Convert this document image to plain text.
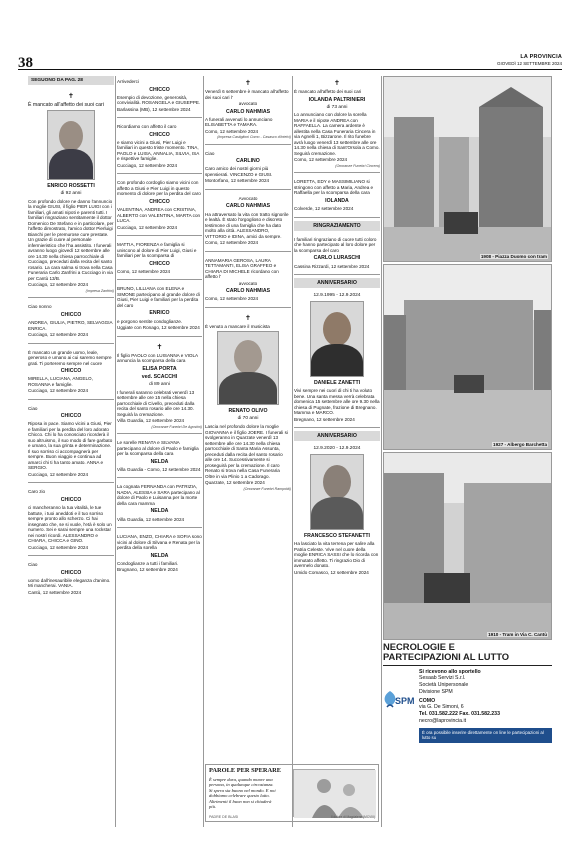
38	LA PROVINCIA
GIOVEDÌ 12 SETTEMBRE 2024
SEGUONO DA PAG. 28
✝
È mancato all'affetto dei suoi cari
ENRICO ROSSETTI
di 92 anni
Con profondo dolore ne danno l'annuncio la moglie GIUSI, il figlio PIER LUIGI con i familiari, gli amati nipoti e parenti tutti. I familiari ringraziano sentitamente il dottor Domenico De Stefano e in particolare, per l'affetto dimostrato, l'amico dottor Pierluigi Bianchi per le premurose cure prestate. Un grazie di cuore al personale infermieristico che l'ha assistito. I funerali avranno luogo giovedì 12 settembre alle ore 14.30 nella chiesa parrocchiale di Cucciago, preceduti dalla recita del santo rosario. La cara salma si trova nella Casa Funeraria Carlo Zanfrini a Cucciago in via per Cantù 13/B.
Cucciago, 12 settembre 2024
(Impresa Zanfrini)
Ciao nonno
CHICCO
ANDREA, GIULIA, PIETRO, SELVAGGIA ENRICA.
Cucciago, 12 settembre 2024
È mancato un grande uomo, leale, generoso e umano ai cui saremo sempre grati. Ti porteremo sempre nel cuore
CHICCO
MIRELLA, LUCIANA, ANGELO, ROSANNA e famiglie.
Cucciago, 12 settembre 2024
Ciao
CHICCO
Riposa in pace. Siamo vicini a Giusi, Pier e familiari per la perdita del loro adorato Chicco. Chi lo ha conosciuto ricorderà il suo altruismo, il suo modo di fare garbato e umano, la sua grinta e determinazione. Il suo sorriso ci accompagnerà per sempre. Buon viaggio e continua ad amarci chi ti ha tanto amato. ANNA e SERGIO.
Cucciago, 12 settembre 2024
Caro zio
CHICCO
ci mancheranno la tua vitalità, le tue battute, i tuoi aneddoti e il tuo sorriso sempre pronto allo scherzo. Ci hai insegnato che, se si vuole, l'età è solo un numero. Sei e sarai sempre una rockstar nei nostri ricordi. ALESSANDRO e CHIARA, CHICCA e GINO.
Cucciago, 12 settembre 2024
Ciao
CHICCO
uomo dall'inesauribile eleganza d'animo. Mi mancherai. VANIA.
Cantù, 12 settembre 2024
Arrivederci
CHICCO
Esempio di devozione, generosità, convivialità. ROSANGELA e GIUSEPPE.
Barlassina (MB), 12 settembre 2024
Ricordiamo con affetto il caro
CHICCO
e siamo vicini a Giusi, Pier Luigi e familiari in questo triste momento. TINA, PAOLO e LUISA, ANNALIA, SILVIA, ISA e rispettive famiglie.
Cucciago, 12 settembre 2024
Con profondo cordoglio siamo vicini con affetto a Giusi e Pier Luigi in questo momento di dolore per la perdita del caro
CHICCO
VALENTINA, ANDREA con CRISTINA, ALBERTO con VALENTINA, MARTA con LUCA.
Cucciago, 12 settembre 2024
MATTIA, FIORENZA e famiglia si uniscono al dolore di Pier Luigi, Giusi e familiari per la scomparsa di
CHICCO
Como, 12 settembre 2024
BRUNO, LILLIANA con ELENA e SIMONE partecipano al grande dolore di Giusi, Pier Luigi e familiari per la perdita del caro
ENRICO
e porgono sentite condoglianze.
Uggiate con Ronago, 12 settembre 2024
✝
Il figlio PAOLO con LUISANNA e VIOLA annuncia la scomparsa della cara
ELISA PORTA
ved. SCACCHI
di 89 anni
I funerali saranno celebrati venerdì 13 settembre alle ore 15 nella chiesa parrocchiale di Civello, preceduti dalla recita del santo rosario alle ore 14.30. Seguirà la cremazione.
Villa Guardia, 12 settembre 2024
(Onoranze Funebri De Agostini)
Le sorelle RENATA e SILVANA partecipano al dolore di Paolo e famiglia per la scomparsa della cara
NELDA
Villa Guardia - Como, 12 settembre 2024
La cognata FERNANDA con PATRIZIA, NADIA, ALESSIA e SARA partecipano al dolore di Paolo e Luisanna per la morte della cara mamma
NELDA
Villa Guardia, 12 settembre 2024
LUCIANA, ENZO, CHIARA e SOFIA sono vicini al dolore di Silvana e Renata per la perdita della sorella
NELDA
Condoglianze a tutti i familiari.
Brugnano, 12 settembre 2024
✝
Venerdì 6 settembre è mancato all'affetto dei suoi cari l'
avvocato
CARLO NAHMIAS
A funerali avvenuti lo annunciano ELISABETTA e TAMARA.
Como, 12 settembre 2024
(Impresa Castiglioni Como - Casasco d'Intelvi)
Ciao
CARLINO
Caro amico dei nostri giorni più spensierati. VINCENZO e GIUSI.
Montorfano, 12 settembre 2024
Avvocato
CARLO NAHMIAS
Ha attraversato la vita con tratto signorile e lealtà. È stato l'orgoglioso e discreto testimone di una famiglia che ha dato molto alla città. ALESSANDRO, VITTORIO e IDINA, amici da sempre.
Como, 12 settembre 2024
ANNAMARIA GEROSA, LAURA TETTAMANTI, ELISA GRAFFEO e CHIARA DI MICHELE ricordano con affetto l'
avvocato
CARLO NAHMIAS
Como, 12 settembre 2024
✝
È venuto a mancare il musicista
RENATO OLIVO
di 70 anni
Lascia nel profondo dolore la moglie GIOVANNA e il figlio JOERE. I funerali si svolgeranno in Quarzate venerdì 13 settembre alle ore 14.30 nella chiesa parrocchiale di Santa Maria Assunta, preceduti dalla recita del santo rosario alle ore 14. Successivamente si proseguirà per la cremazione. Il caro Renato si trova nella Casa Funeraria Oltre in via Plinio 1 a Cadorago.
Quarzate, 12 settembre 2024
(Onoranze Funebri Rampoldi)
PAROLE PER SPERARE
È sempre dura, quando muore una persona, in qualunque circostanza. Si spera sia buono nel mondo. E noi dobbiamo celebrare questo lutto. Altrimenti il buon non si chiuderà più.
PADRE DE BLASI	Il dolore di Magdalene (MCVIII)
✝
È mancato all'affetto dei suoi cari
IOLANDA PALTRINIERI
di 73 anni
Lo annunciano con dolore la sorella MARIA e il nipote ANDREA con RAFFAELLA. La camera ardente è allestita nella Casa Funeraria Cincera in via Agnelli 1, Bizzarone. Il rito funebre avrà luogo venerdì 13 settembre alle ore 14.30 nella chiesa di Sant'Orsola a Como. Seguirà cremazione.
Como, 12 settembre 2024
(Onoranze Funebri Cincera)
LORETTA, EDY e MASSIMILIANO si stringono con affetto a Maria, Andrea e Raffaella per la scomparsa della cara
IOLANDA
Colverde, 12 settembre 2024
RINGRAZIAMENTO
I familiari ringraziano di cuore tutti coloro che hanno partecipato al loro dolore per la scomparsa del caro
CARLO LURASCHI
Cassina Rizzardi, 12 settembre 2024
ANNIVERSARIO
12.9.1995 - 12.9.2024
DANIELE ZANETTI
Vivi sempre nei cuori di chi ti ha voluto bene. Una santa messa verrà celebrata domenica 15 settembre alle ore 9.30 nella chiesa di Pugnate, frazione di Bregnano. Mamma e MARCO.
Bregnano, 12 settembre 2024
ANNIVERSARIO
12.9.2020 - 12.9.2024
FRANCESCO STEFANETTI
Ha lasciato la vita terrena per salire alla Patria Celeste. Vive nel cuore della moglie ENRICA SASSI che lo ricorda con immutato affetto. Ti ringrazio Dio di avermelo donato.
Umido Comasco, 12 settembre 2024
1908 - Piazza Duomo con tram
1927 - Albergo Barchetta
1910 - Tram in Via C. Cantù
NECROLOGIE E
PARTECIPAZIONI AL LUTTO
SPM
Si ricevono allo sportello
Sesaab Servizi S.r.l.
Società Unipersonale
Divisione SPM
COMO
via G. De Simoni, 6
Tel. 031.582.222 Fax. 031.582.233
necro@laprovincia.it
È ora possibile inserire direttamente on line le partecipazioni al lutto su
